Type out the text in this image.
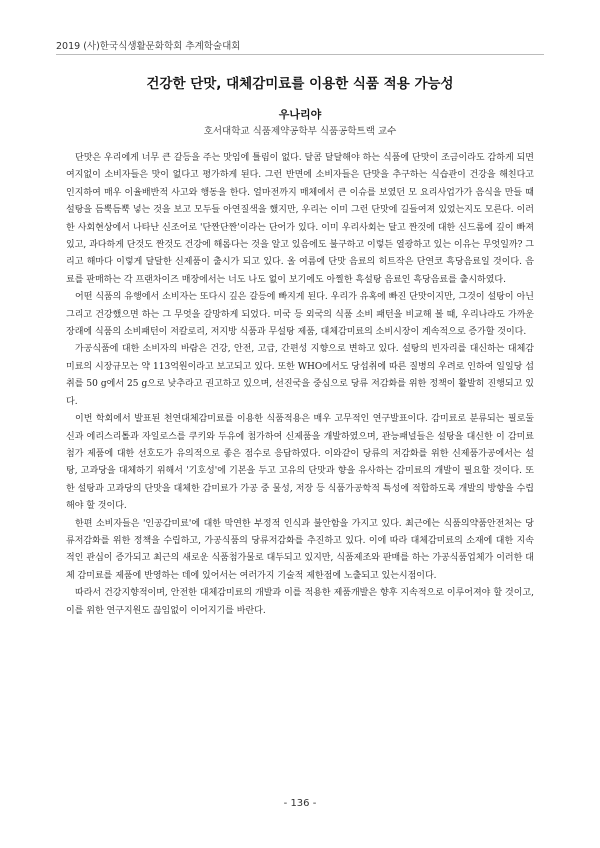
2019 (사)한국식생활문화학회 추계학술대회
건강한 단맛, 대체감미료를 이용한 식품 적용 가능성
우나리야
호서대학교 식품제약공학부 식품공학트랙 교수

단맛은 우리에게 너무 큰 갈등을 주는 맛임에 틀림이 없다. 달콤 달달해야 하는 식품에 단맛이 조금이라도 감하게 되면 여지없이 소비자들은 맛이 없다고 평가하게 된다. 그런 반면에 소비자들은 단맛을 추구하는 식습관이 건강을 해친다고 인지하여 매우 이율배반적 사고와 행동을 한다. 얼마전까지 매체에서 큰 이슈를 보였던 모 요리사업가가 음식을 만들 때 설탕을 듬뿍듬뿍 넣는 것을 보고 모두들 아연질색을 했지만, 우리는 이미 그런 단맛에 길들여져 있었는지도 모른다. 이러한 사회현상에서 나타난 신조어로 '단짠단짠'이라는 단어가 있다. 이미 우리사회는 달고 짠것에 대한 신드롬에 깊이 빠져 있고, 과다하게 단것도 짠것도 건강에 해롭다는 것을 알고 있음에도 불구하고 이렇든 열광하고 있는 이유는 무엇일까? 그리고 해마다 이렇게 달달한 신제품이 출시가 되고 있다. 올 여름에 단맛 음료의 히트작은 단연코 흑당음료일 것이다. 음료를 판매하는 각 프랜차이즈 매장에서는 너도 나도 없이 보기에도 아찔한 흑설탕 음료인 흑당음료를 출시하였다.

어떤 식품의 유행에서 소비자는 또다시 깊은 갈등에 빠지게 된다. 우리가 유혹에 빠진 단맛이지만, 그것이 설탕이 아닌 그리고 건강했으면 하는 그 무엇을 갈망하게 되었다. 미국 등 외국의 식품 소비 패턴을 비교해 볼 때, 우리나라도 가까운 장래에 식품의 소비패턴이 저칼로리, 저지방 식품과 무설탕 제품, 대체감미료의 소비시장이 계속적으로 증가할 것이다.

가공식품에 대한 소비자의 바람은 건강, 안전, 고급, 간편성 지향으로 변하고 있다. 설탕의 빈자리를 대신하는 대체감미료의 시장규모는 약 113억원이라고 보고되고 있다. 또한 WHO에서도 당섭취에 따른 질병의 우려로 인하여 일일당 섭취를 50 g에서 25 g으로 낮추라고 권고하고 있으며, 선진국을 중심으로 당류 저감화를 위한 정책이 활발히 진행되고 있다.

이번 학회에서 발표된 천연대체감미료를 이용한 식품적용은 매우 고무적인 연구발표이다. 감미료로 분류되는 필로둘신과 에리스리톨과 자일로스를 쿠키와 두유에 첨가하여 신제품을 개발하였으며, 관능패널들은 설탕을 대신한 이 감미료 첨가 제품에 대한 선호도가 유의적으로 좋은 점수로 응답하였다. 이와같이 당류의 저감화를 위한 신제품가공에서는 설탕, 고과당을 대체하기 위해서 '기호성'에 기본을 두고 고유의 단맛과 향을 유사하는 감미료의 개발이 필요할 것이다. 또한 설탕과 고과당의 단맛을 대체한 감미료가 가공 중 물성, 저장 등 식품가공학적 특성에 적합하도록 개발의 방향을 수립해야 할 것이다.

한편 소비자들은 '인공감미료'에 대한 막연한 부정적 인식과 불안함을 가지고 있다. 최근에는 식품의약품안전처는 당류저감화를 위한 정책을 수립하고, 가공식품의 당류저감화를 추진하고 있다. 이에 따라 대체감미료의 소재에 대한 지속적인 관심이 증가되고 최근의 새로운 식품첨가물로 대두되고 있지만, 식품제조와 판매를 하는 가공식품업체가 이러한 대체 감미료를 제품에 반영하는 데에 있어서는 여러가지 기술적 제한점에 노출되고 있는시점이다.

따라서 건강지향적이며, 안전한 대체감미료의 개발과 이를 적용한 제품개발은 향후 지속적으로 이루어져야 할 것이고, 이를 위한 연구지원도 끊임없이 이어지기를 바란다.

- 136 -
